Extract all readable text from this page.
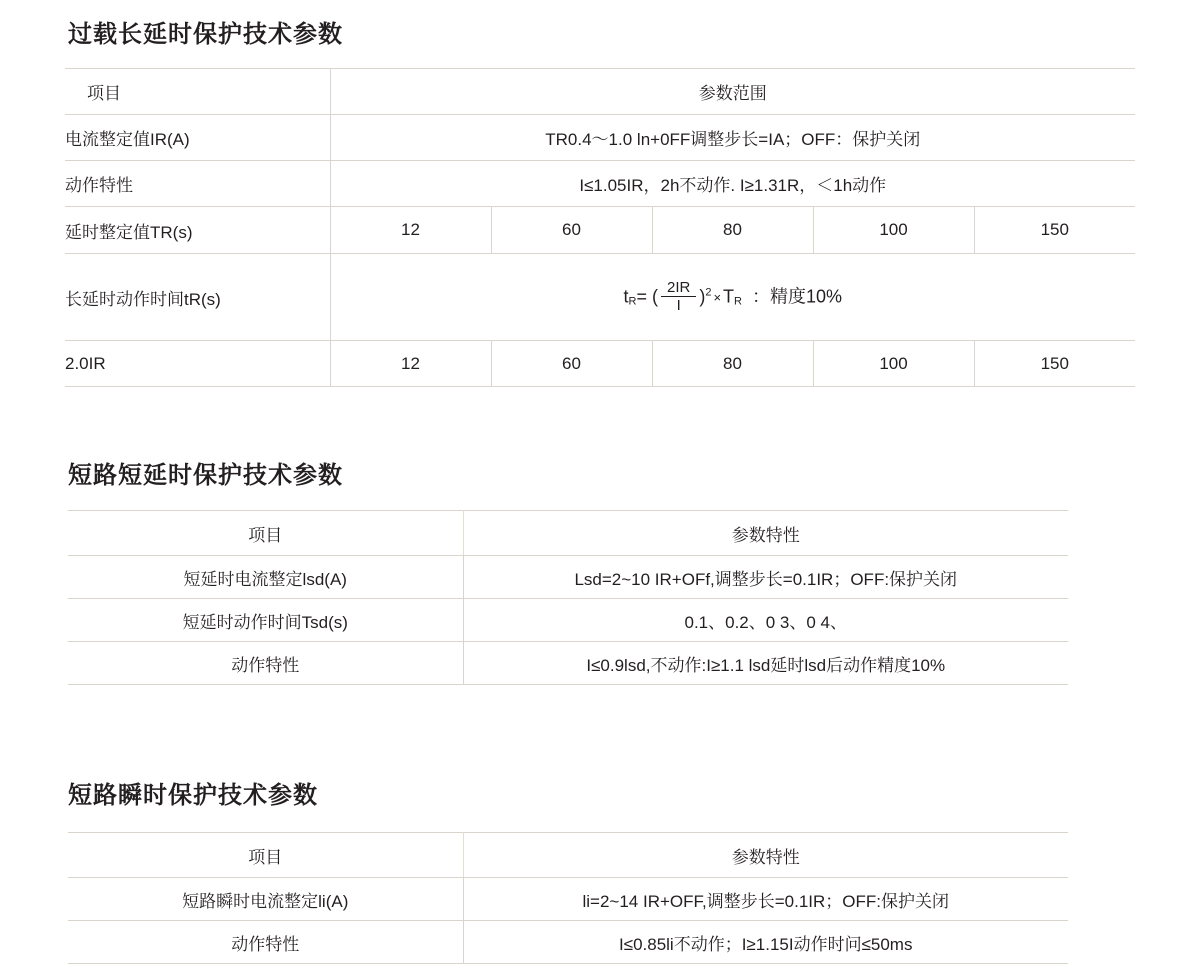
过载长延时保护技术参数
项目	参数范围				
电流整定值IR(A)	TR0.4〜1.0 ln+0FF调整步长=IA；OFF：保护关闭				
动作特性	I≤1.05IR，2h不动作. I≥1.31R，＜1h动作				
延时整定值TR(s)	12	60	80	100	150
长延时动作时间tR(s)	tR= ( $\frac{2IR}{I} )^2$ × TR ：精度10%				
2.0IR	12	60	80	100	150
短路短延时保护技术参数
项目	参数特性
短延时电流整定lsd(A)	Lsd=2~10 IR+OFf,调整步长=0.1IR；OFF:保护关闭
短延时动作时间Tsd(s)	0.1、0.2、0 3、0 4、
动作特性	I≤0.9lsd,不动作:I≥1.1 lsd延时lsd后动作精度10%
短路瞬时保护技术参数
项目	参数特性
短路瞬时电流整定li(A)	li=2~14 IR+OFF,调整步长=0.1IR；OFF:保护关闭
动作特性	I≤0.85li不动作；I≥1.15I动作时问≤50ms
